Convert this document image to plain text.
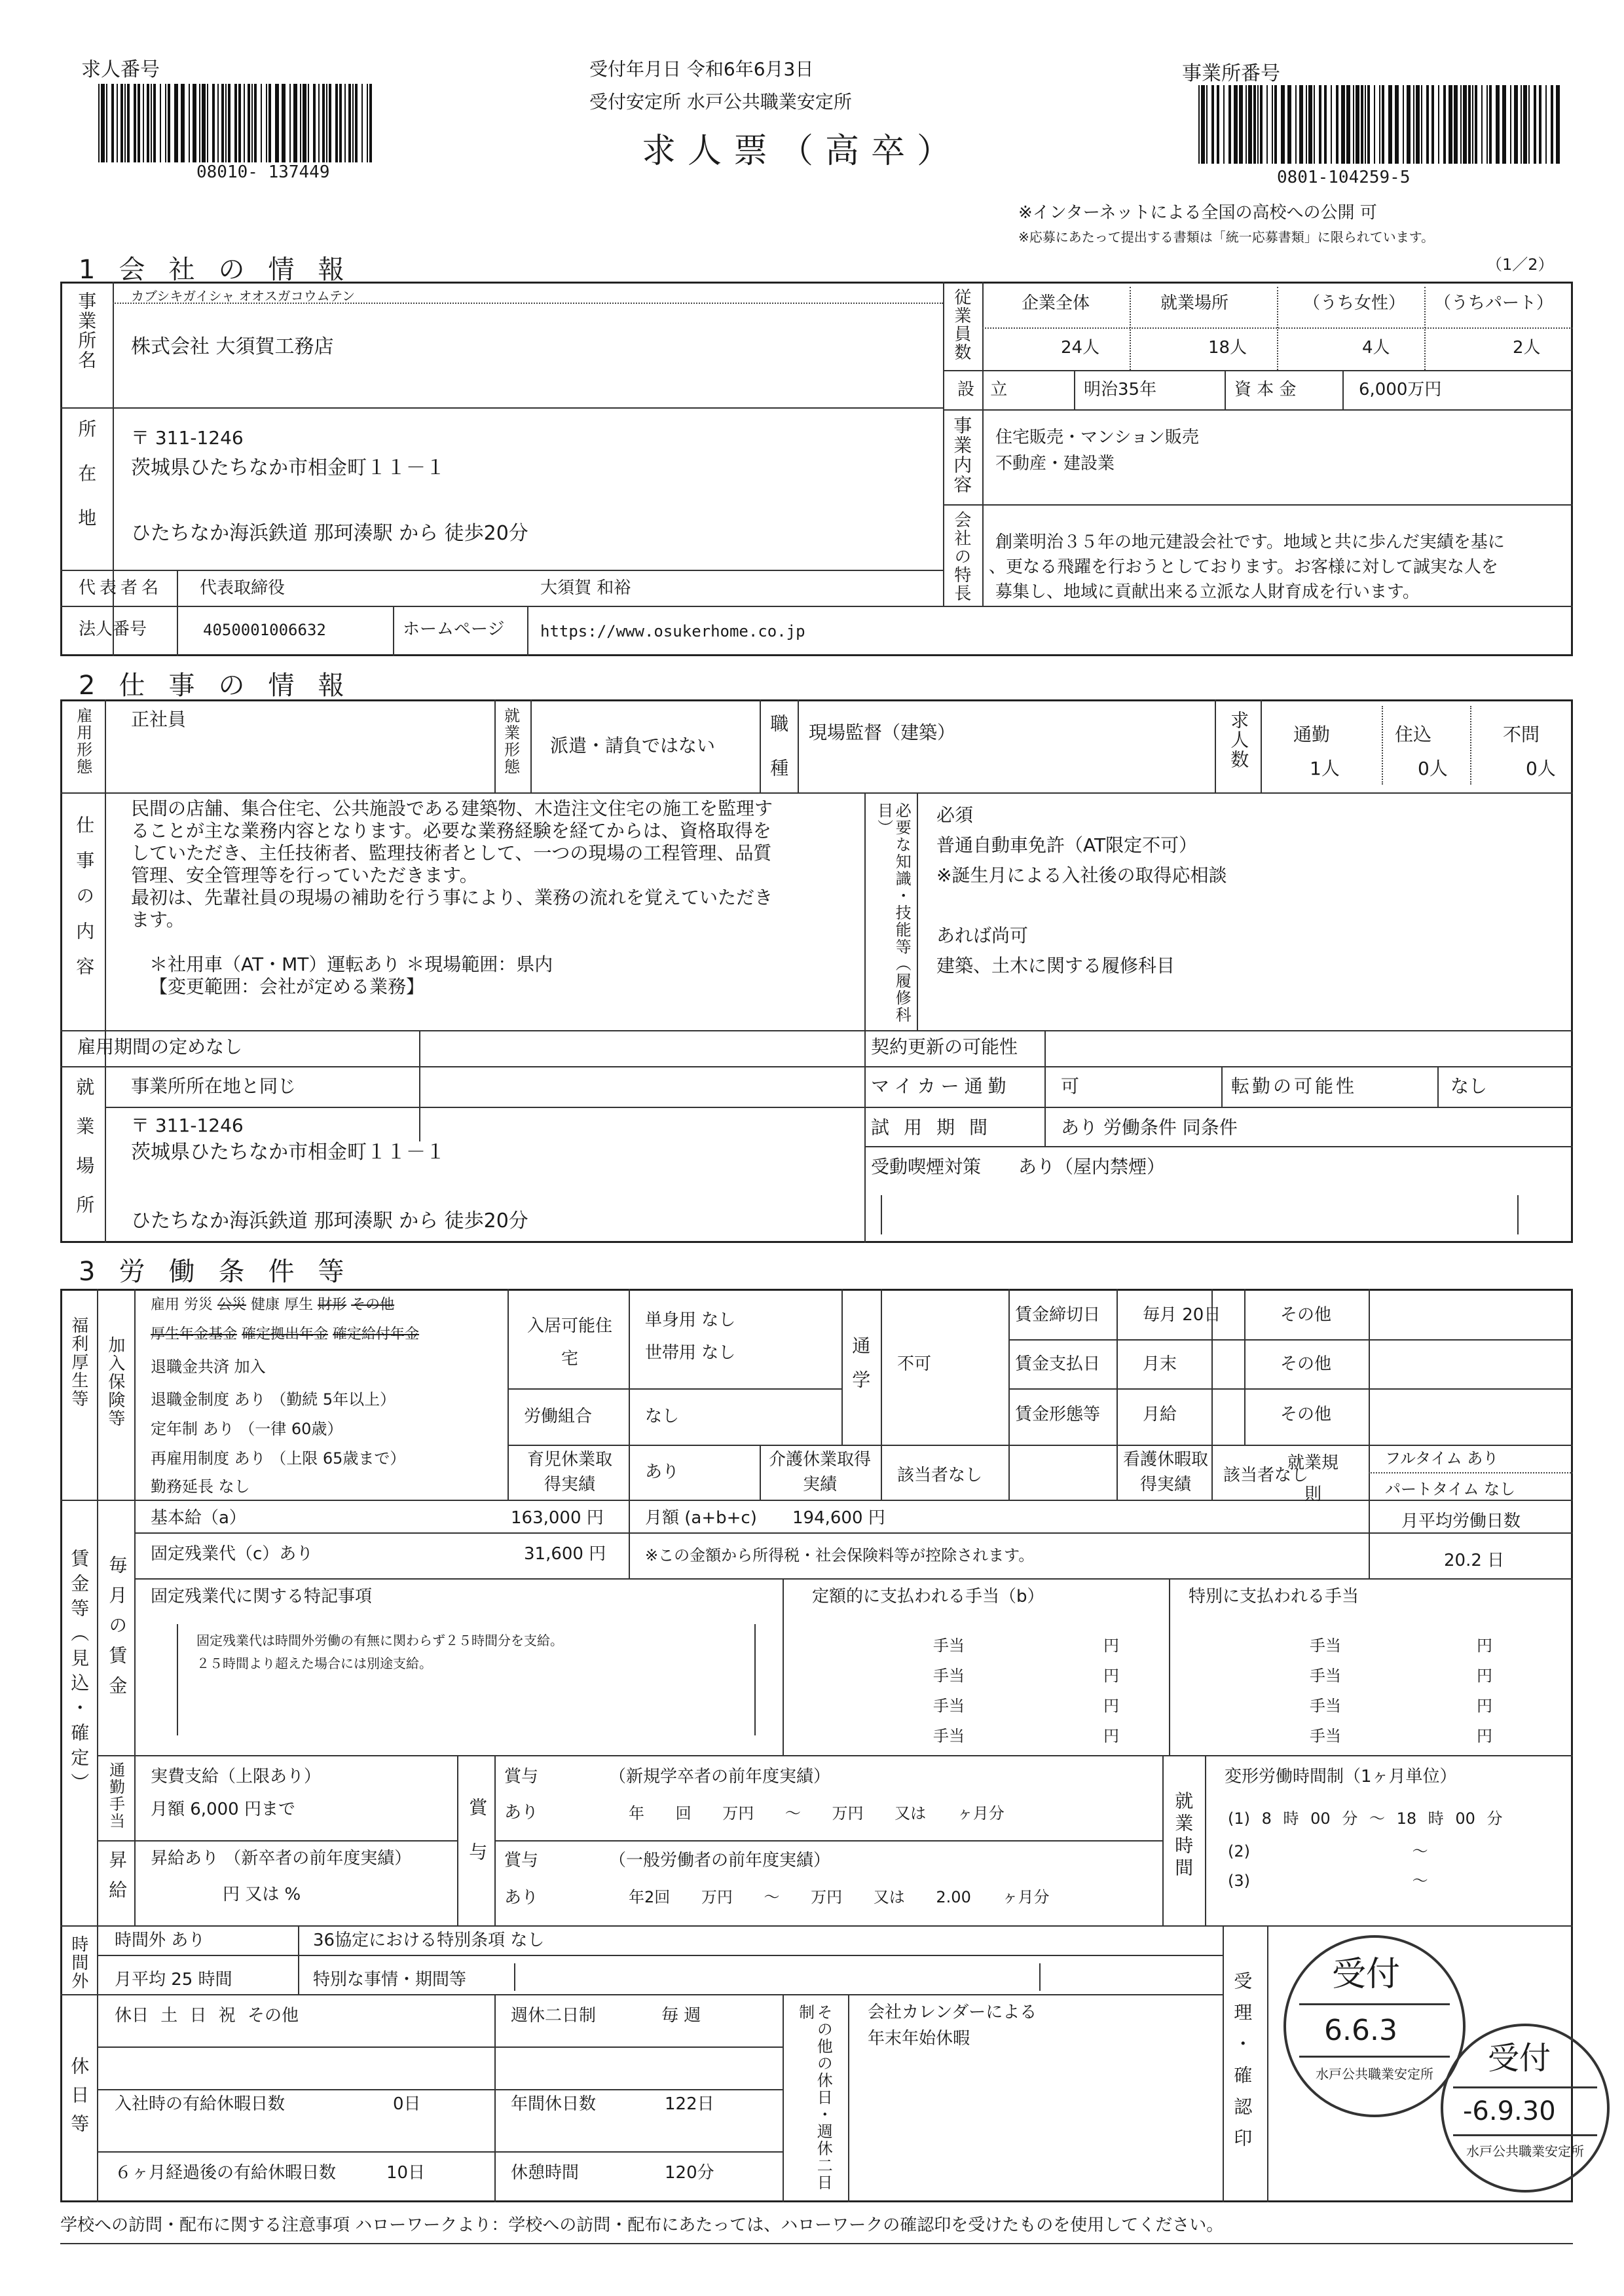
求人番号
08010- 137449
受付年月日 令和6年6月3日
受付安定所 水戸公共職業安定所
求人票（高卒）
事業所番号
0801-104259-5
※インターネットによる全国の高校への公開 可
※応募にあたって提出する書類は「統一応募書類」に限られています。
1会社の情報	（1／2）
事業所名	カブシキガイシャ オオスガコウムテン
株式会社 大須賀工務店	従業員数	企業全体	就業場所	（うち女性） （うちパート）
24人	18人	4人	2人
設 立	明治35年	資 本 金	6,000万円
所在地 〒 311-1246
茨城県ひたちなか市相金町１１－１
ひたちなか海浜鉄道 那珂湊駅 から 徒歩20分
事業内容 住宅販売・マンション販売
不動産・建設業
会社の特長 創業明治３５年の地元建設会社です。地域と共に歩んだ実績を基に
、更なる飛躍を行おうとしております。お客様に対して誠実な人を
募集し、地域に貢献出来る立派な人財育成を行います。
代表者名 代表取締役	大須賀 和裕
法人番号	4050001006632	ホームページ https://www.osukerhome.co.jp
2仕事の情報
雇用形態 正社員	就業形態 派遣・請負ではない	職種 現場監督（建築）	求人数 通勤	住込	不問
1人	0人	0人
仕事の内容
民間の店舗、集合住宅、公共施設である建築物、木造注文住宅の施工を監理す
ることが主な業務内容となります。必要な業務経験を経てからは、資格取得を
していただき、主任技術者、監理技術者として、一つの現場の工程管理、品質
管理、安全管理等を行っていただきます。
最初は、先輩社員の現場の補助を行う事により、業務の流れを覚えていただき
ます。
＊社用車（AT・MT）運転あり ＊現場範囲：県内
【変更範囲：会社が定める業務】	必要な知識・技能等（履修科目）	必須
普通自動車免許（AT限定不可）
※誕生月による入社後の取得応相談
あれば尚可
建築、土木に関する履修科目
雇用期間の定めなし	契約更新の可能性
就業場所 事業所所在地と同じ
〒 311-1246
茨城県ひたちなか市相金町１１－１
ひたちなか海浜鉄道 那珂湊駅 から 徒歩20分
マイカー通勤	可	転勤の可能性	なし
試用期間	あり 労働条件 同条件
受動喫煙対策 あり（屋内禁煙）
3労働条件等
福利厚生等 加入保険等
雇用 労災 公災 健康 厚生 財形 その他
厚生年金基金 確定拠出年金 確定給付年金
退職金共済 加入
退職金制度 あり （勤続 5年以上）
定年制 あり （一律 60歳）
再雇用制度 あり （上限 65歳まで）
勤務延長 なし
入居可能住宅
単身用 なし
世帯用 なし
労働組合	なし
育児休業取得実績
あり
介護休業取得実績	該当者なし
看護休暇取得実績	該当者なし
就業規則
フルタイム あり
パートタイム なし
通学 不可
賃金締切日 毎月 20日	その他
賃金支払日 月末	その他
賃金形態等 月給	その他
賃金等（見込・確定） 毎月の賃金
基本給（a）	163,000 円 月額 (a+b+c) 194,600 円
固定残業代（c）あり	31,600 円 ※この金額から所得税・社会保険料等が控除されます。
月平均労働日数
20.2 日
固定残業代に関する特記事項
固定残業代は時間外労働の有無に関わらず２５時間分を支給。
２５時間より超えた場合には別途支給。
定額的に支払われる手当（b）
手当	円
手当	円
手当	円
手当	円
特別に支払われる手当
手当	円
手当	円
手当	円
手当	円
通勤手当 実費支給（上限あり）
月額 6,000 円まで
昇給 昇給あり （新卒者の前年度実績）
円 又は %
賞与
賞与
あり
（新規学卒者の前年度実績）
年 回 万円 ～ 万円 又は ヶ月分
賞与
あり
（一般労働者の前年度実績）
年2回 万円 ～ 万円 又は 2.00 ヶ月分
就業時間
変形労働時間制（1ヶ月単位）
(1) 8 時 00 分 ～ 18 時 00 分
(2) ～
(3) ～
時間外 時間外 あり	36協定における特別条項 なし
月平均 25 時間	特別な事情・期間等
休日等
休日 土 日 祝 その他	週休二日制	毎 週	その他の休日・週休二日制	会社カレンダーによる
年末年始休暇
入社時の有給休暇日数	0日	年間休日数	122日
６ヶ月経過後の有給休暇日数	10日	休憩時間	120分
受理・確認印 受付
6.6.3
水戸公共職業安定所 受付
-6.9.30
水戸公共職業安定所
学校への訪問・配布に関する注意事項 ハローワークより：学校への訪問・配布にあたっては、ハローワークの確認印を受けたものを使用してください。
